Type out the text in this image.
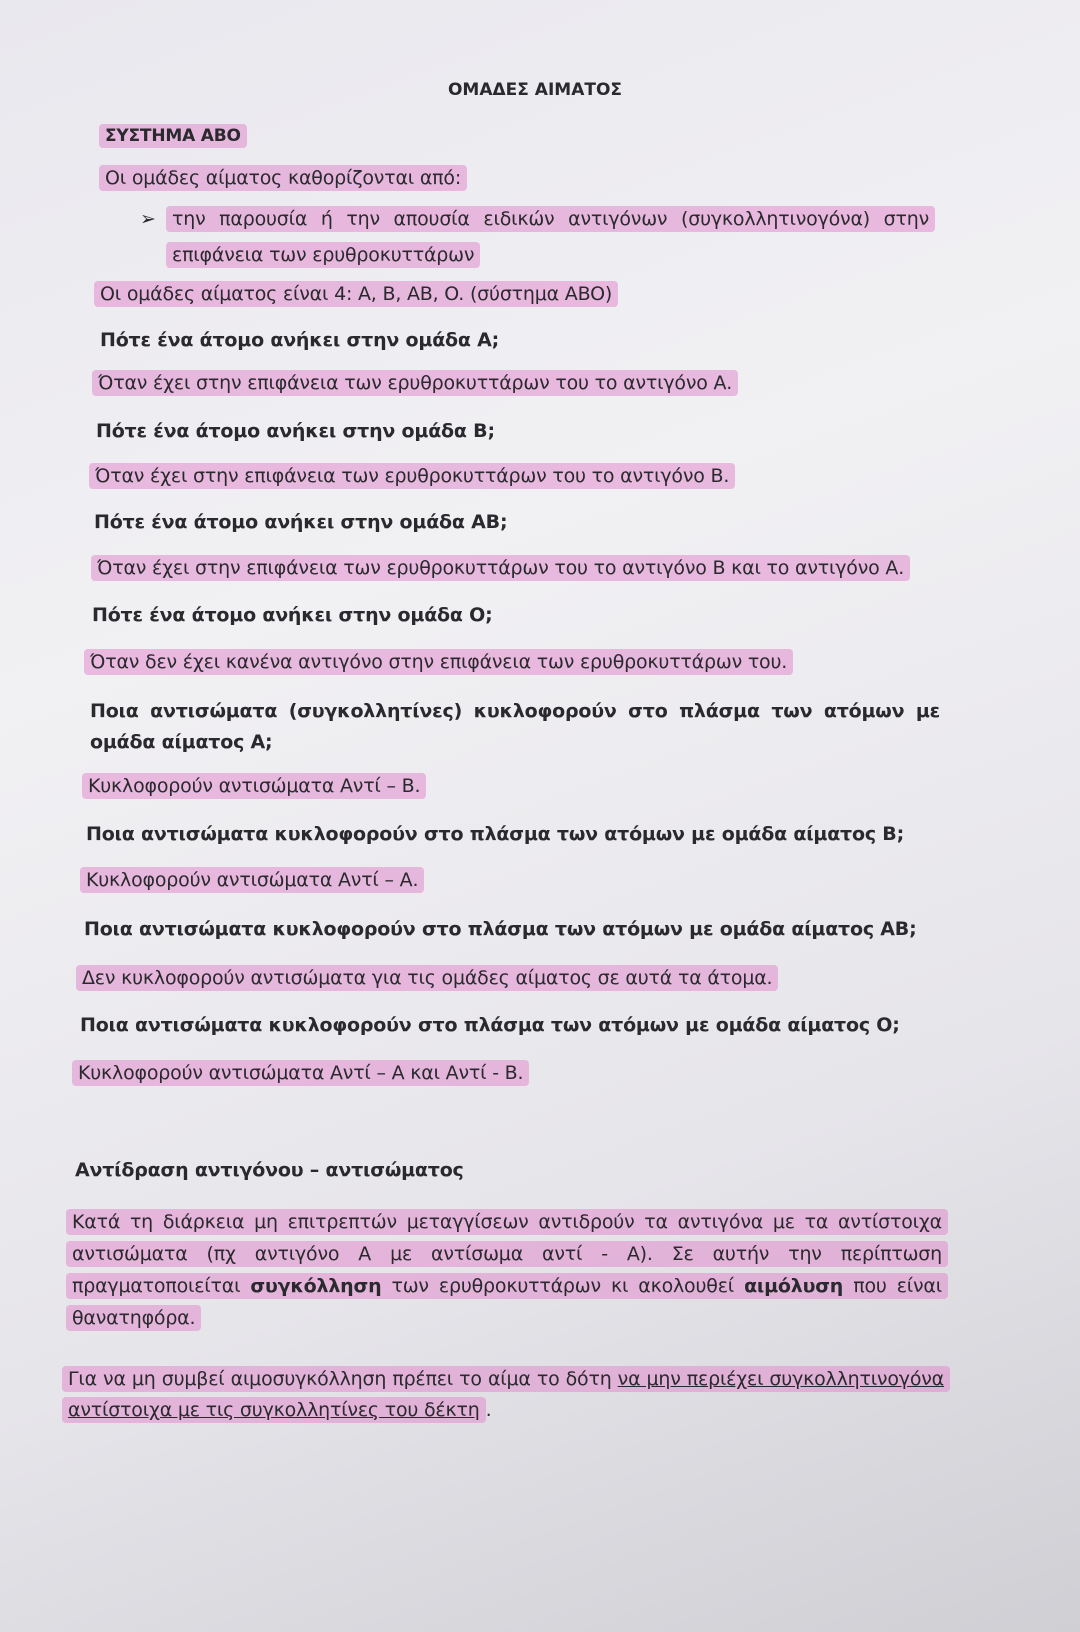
ΟΜΑΔΕΣ ΑΙΜΑΤΟΣ
ΣΥΣΤΗΜΑ ΑΒΟ
Οι ομάδες αίματος καθορίζονται από:
➢ την παρουσία ή την απουσία ειδικών αντιγόνων (συγκολλητινογόνα) στην επιφάνεια των ερυθροκυττάρων
Οι ομάδες αίματος είναι 4: A, B, AB, O. (σύστημα ABO)
Πότε ένα άτομο ανήκει στην ομάδα Α;
Όταν έχει στην επιφάνεια των ερυθροκυττάρων του το αντιγόνο Α.
Πότε ένα άτομο ανήκει στην ομάδα Β;
Όταν έχει στην επιφάνεια των ερυθροκυττάρων του το αντιγόνο Β.
Πότε ένα άτομο ανήκει στην ομάδα ΑΒ;
Όταν έχει στην επιφάνεια των ερυθροκυττάρων του το αντιγόνο Β και το αντιγόνο Α.
Πότε ένα άτομο ανήκει στην ομάδα Ο;
Όταν δεν έχει κανένα αντιγόνο στην επιφάνεια των ερυθροκυττάρων του.
Ποια αντισώματα (συγκολλητίνες) κυκλοφορούν στο πλάσμα των ατόμων με ομάδα αίματος Α;
Κυκλοφορούν αντισώματα Αντί – Β.
Ποια αντισώματα κυκλοφορούν στο πλάσμα των ατόμων με ομάδα αίματος Β;
Κυκλοφορούν αντισώματα Αντί – Α.
Ποια αντισώματα κυκλοφορούν στο πλάσμα των ατόμων με ομάδα αίματος ΑΒ;
Δεν κυκλοφορούν αντισώματα για τις ομάδες αίματος σε αυτά τα άτομα.
Ποια αντισώματα κυκλοφορούν στο πλάσμα των ατόμων με ομάδα αίματος Ο;
Κυκλοφορούν αντισώματα Αντί – Α και Αντί - Β.
Αντίδραση αντιγόνου – αντισώματος
Κατά τη διάρκεια μη επιτρεπτών μεταγγίσεων αντιδρούν τα αντιγόνα με τα αντίστοιχα αντισώματα (πχ αντιγόνο Α με αντίσωμα αντί - Α). Σε αυτήν την περίπτωση πραγματοποιείται συγκόλληση των ερυθροκυττάρων κι ακολουθεί αιμόλυση που είναι θανατηφόρα.
Για να μη συμβεί αιμοσυγκόλληση πρέπει το αίμα το δότη να μην περιέχει συγκολλητινογόνα αντίστοιχα με τις συγκολλητίνες του δέκτη .
